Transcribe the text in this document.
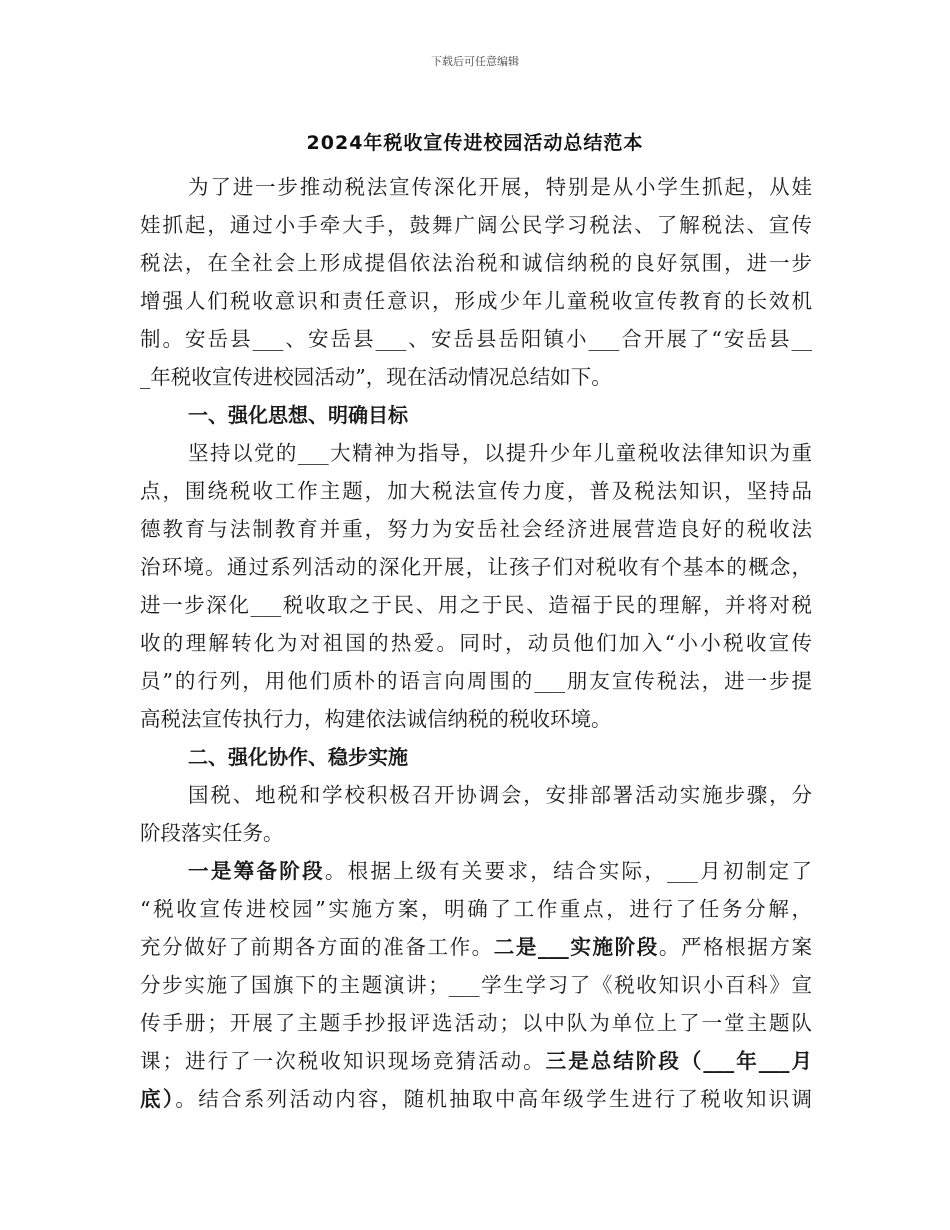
下载后可任意编辑
2024年税收宣传进校园活动总结范本
为了进一步推动税法宣传深化开展，特别是从小学生抓起，从娃
娃抓起，通过小手牵大手，鼓舞广阔公民学习税法、了解税法、宣传
税法，在全社会上形成提倡依法治税和诚信纳税的良好氛围，进一步
增强人们税收意识和责任意识，形成少年儿童税收宣传教育的长效机
制。安岳县___、安岳县___、安岳县岳阳镇小___合开展了“安岳县__
_年税收宣传进校园活动”，现在活动情况总结如下。
一、强化思想、明确目标
坚持以党的___大精神为指导，以提升少年儿童税收法律知识为重
点，围绕税收工作主题，加大税法宣传力度，普及税法知识，坚持品
德教育与法制教育并重，努力为安岳社会经济进展营造良好的税收法
治环境。通过系列活动的深化开展，让孩子们对税收有个基本的概念，
进一步深化___税收取之于民、用之于民、造福于民的理解，并将对税
收的理解转化为对祖国的热爱。同时，动员他们加入“小小税收宣传
员”的行列，用他们质朴的语言向周围的___朋友宣传税法，进一步提
高税法宣传执行力，构建依法诚信纳税的税收环境。
二、强化协作、稳步实施
国税、地税和学校积极召开协调会，安排部署活动实施步骤，分
阶段落实任务。
一是筹备阶段。根据上级有关要求，结合实际，___月初制定了
“税收宣传进校园”实施方案，明确了工作重点，进行了任务分解，
充分做好了前期各方面的准备工作。二是___实施阶段。严格根据方案
分步实施了国旗下的主题演讲；___学生学习了《税收知识小百科》宣
传手册；开展了主题手抄报评选活动；以中队为单位上了一堂主题队
课；进行了一次税收知识现场竞猜活动。三是总结阶段（___年___月
底）。结合系列活动内容，随机抽取中高年级学生进行了税收知识调
